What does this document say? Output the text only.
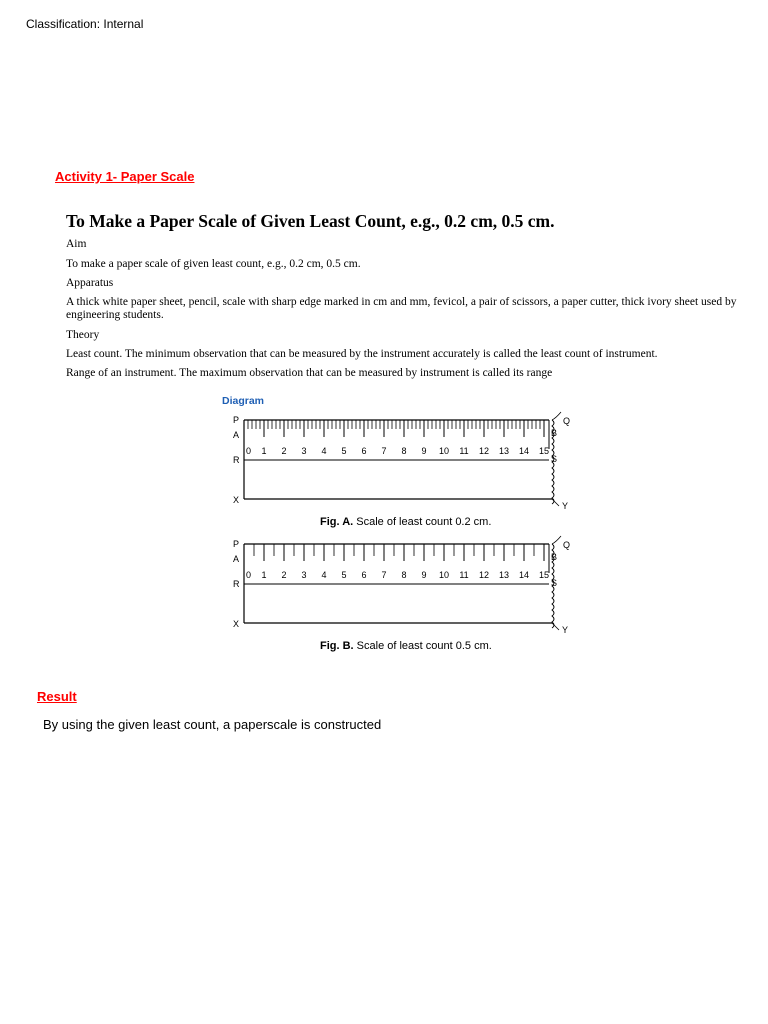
Classification: Internal
Activity 1- Paper Scale
To Make a Paper Scale of Given Least Count, e.g., 0.2 cm, 0.5 cm.
Aim
To make a paper scale of given least count, e.g., 0.2 cm, 0.5 cm.
Apparatus
A thick white paper sheet, pencil, scale with sharp edge marked in cm and mm, fevicol, a pair of scissors, a paper cutter, thick ivory sheet used by engineering students.
Theory
Least count. The minimum observation that can be measured by the instrument accurately is called the least count of instrument.
Range of an instrument. The maximum observation that can be measured by instrument is called its range
Diagram
0 1 2 3 4 5 6 7 8 9 10 11 12 13 14 15
P
A
R
X
Q
B
S
Y
Fig. A. Scale of least count 0.2 cm.
0 1 2 3 4 5 6 7 8 9 10 11 12 13 14 15
P
A
R
X
Q
B
S
Y
Fig. B. Scale of least count 0.5 cm.
Result
By using the given least count, a paperscale is constructed
